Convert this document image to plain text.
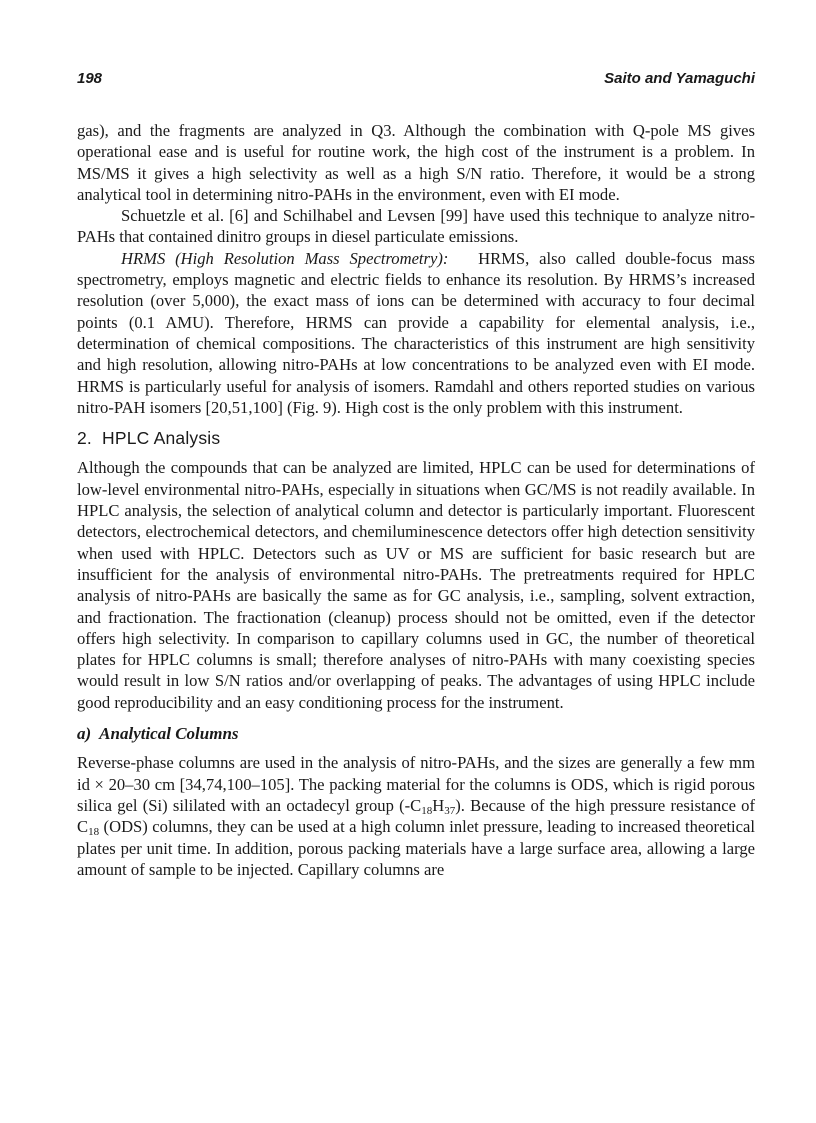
198	Saito and Yamaguchi

gas), and the fragments are analyzed in Q3. Although the combination with Q-pole MS gives operational ease and is useful for routine work, the high cost of the instrument is a problem. In MS/MS it gives a high selectivity as well as a high S/N ratio. Therefore, it would be a strong analytical tool in determining nitro-PAHs in the environment, even with EI mode.

Schuetzle et al. [6] and Schilhabel and Levsen [99] have used this technique to analyze nitro-PAHs that contained dinitro groups in diesel particulate emissions.

HRMS (High Resolution Mass Spectrometry): HRMS, also called double-focus mass spectrometry, employs magnetic and electric fields to enhance its resolution. By HRMS’s increased resolution (over 5,000), the exact mass of ions can be determined with accuracy to four decimal points (0.1 AMU). Therefore, HRMS can provide a capability for elemental analysis, i.e., determination of chemical compositions. The characteristics of this instrument are high sensitivity and high resolution, allowing nitro-PAHs at low concentrations to be analyzed even with EI mode. HRMS is particularly useful for analysis of isomers. Ramdahl and others reported studies on various nitro-PAH isomers [20,51,100] (Fig. 9). High cost is the only problem with this instrument.

2. HPLC Analysis

Although the compounds that can be analyzed are limited, HPLC can be used for determinations of low-level environmental nitro-PAHs, especially in situations when GC/MS is not readily available. In HPLC analysis, the selection of analytical column and detector is particularly important. Fluorescent detectors, electrochemical detectors, and chemiluminescence detectors offer high detection sensitivity when used with HPLC. Detectors such as UV or MS are sufficient for basic research but are insufficient for the analysis of environmental nitro-PAHs. The pretreatments required for HPLC analysis of nitro-PAHs are basically the same as for GC analysis, i.e., sampling, solvent extraction, and fractionation. The fractionation (cleanup) process should not be omitted, even if the detector offers high selectivity. In comparison to capillary columns used in GC, the number of theoretical plates for HPLC columns is small; therefore analyses of nitro-PAHs with many coexisting species would result in low S/N ratios and/or overlapping of peaks. The advantages of using HPLC include good reproducibility and an easy conditioning process for the instrument.

a) Analytical Columns

Reverse-phase columns are used in the analysis of nitro-PAHs, and the sizes are generally a few mm id × 20–30 cm [34,74,100–105]. The packing material for the columns is ODS, which is rigid porous silica gel (Si) sililated with an octadecyl group $(-C_{18}H_{37})$. Because of the high pressure resistance of $C_{18}$ (ODS) columns, they can be used at a high column inlet pressure, leading to increased theoretical plates per unit time. In addition, porous packing materials have a large surface area, allowing a large amount of sample to be injected. Capillary columns are
